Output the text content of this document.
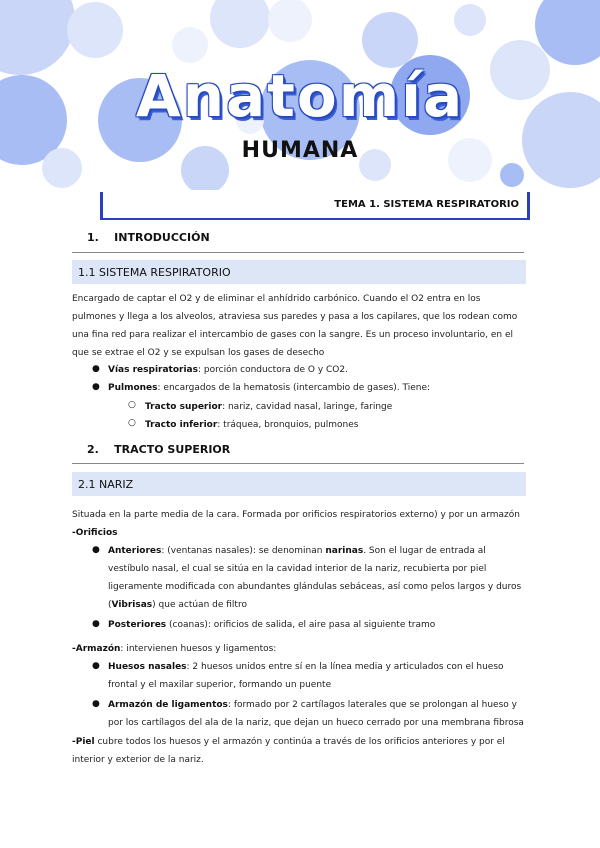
Anatomía
HUMANA
TEMA 1. SISTEMA RESPIRATORIO
1. INTRODUCCIÓN
1.1 SISTEMA RESPIRATORIO
Encargado de captar el O2 y de eliminar el anhídrido carbónico. Cuando el O2 entra en los pulmones y llega a los alveolos, atraviesa sus paredes y pasa a los capilares, que los rodean como una fina red para realizar el intercambio de gases con la sangre. Es un proceso involuntario, en el que se extrae el O2 y se expulsan los gases de desecho
● Vías respiratorias: porción conductora de O y CO2.
● Pulmones: encargados de la hematosis (intercambio de gases). Tiene:
○ Tracto superior: nariz, cavidad nasal, laringe, faringe
○ Tracto inferior: tráquea, bronquios, pulmones
2. TRACTO SUPERIOR
2.1 NARIZ
Situada en la parte media de la cara. Formada por orificios respiratorios externo) y por un armazón
-Orificios
● Anteriores: (ventanas nasales): se denominan narinas. Son el lugar de entrada al vestíbulo nasal, el cual se sitúa en la cavidad interior de la nariz, recubierta por piel ligeramente modificada con abundantes glándulas sebáceas, así como pelos largos y duros (Vibrisas) que actúan de filtro
● Posteriores (coanas): orificios de salida, el aire pasa al siguiente tramo
-Armazón: intervienen huesos y ligamentos:
● Huesos nasales: 2 huesos unidos entre sí en la línea media y articulados con el hueso frontal y el maxilar superior, formando un puente
● Armazón de ligamentos: formado por 2 cartílagos laterales que se prolongan al hueso y por los cartílagos del ala de la nariz, que dejan un hueco cerrado por una membrana fibrosa
-Piel cubre todos los huesos y el armazón y continúa a través de los orificios anteriores y por el interior y exterior de la nariz.
